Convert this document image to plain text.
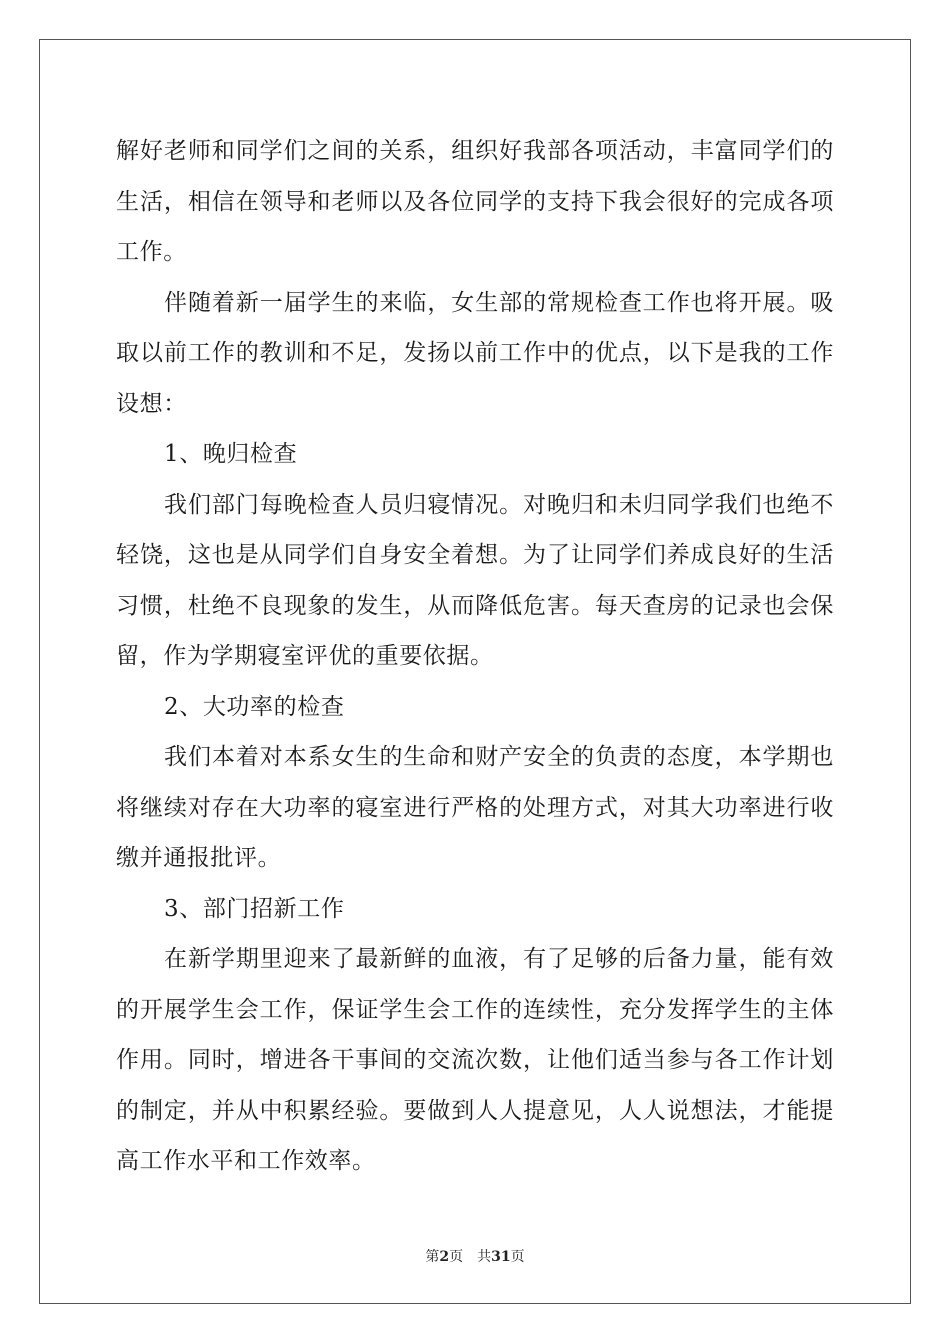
解好老师和同学们之间的关系，组织好我部各项活动，丰富同学们的
生活，相信在领导和老师以及各位同学的支持下我会很好的完成各项
工作。
伴随着新一届学生的来临，女生部的常规检查工作也将开展。吸
取以前工作的教训和不足，发扬以前工作中的优点，以下是我的工作
设想：
1、晚归检查
我们部门每晚检查人员归寝情况。对晚归和未归同学我们也绝不
轻饶，这也是从同学们自身安全着想。为了让同学们养成良好的生活
习惯，杜绝不良现象的发生，从而降低危害。每天查房的记录也会保
留，作为学期寝室评优的重要依据。
2、大功率的检查
我们本着对本系女生的生命和财产安全的负责的态度，本学期也
将继续对存在大功率的寝室进行严格的处理方式，对其大功率进行收
缴并通报批评。
3、部门招新工作
在新学期里迎来了最新鲜的血液，有了足够的后备力量，能有效
的开展学生会工作，保证学生会工作的连续性，充分发挥学生的主体
作用。同时，增进各干事间的交流次数，让他们适当参与各工作计划
的制定，并从中积累经验。要做到人人提意见，人人说想法，才能提
高工作水平和工作效率。
第2页 共31页
